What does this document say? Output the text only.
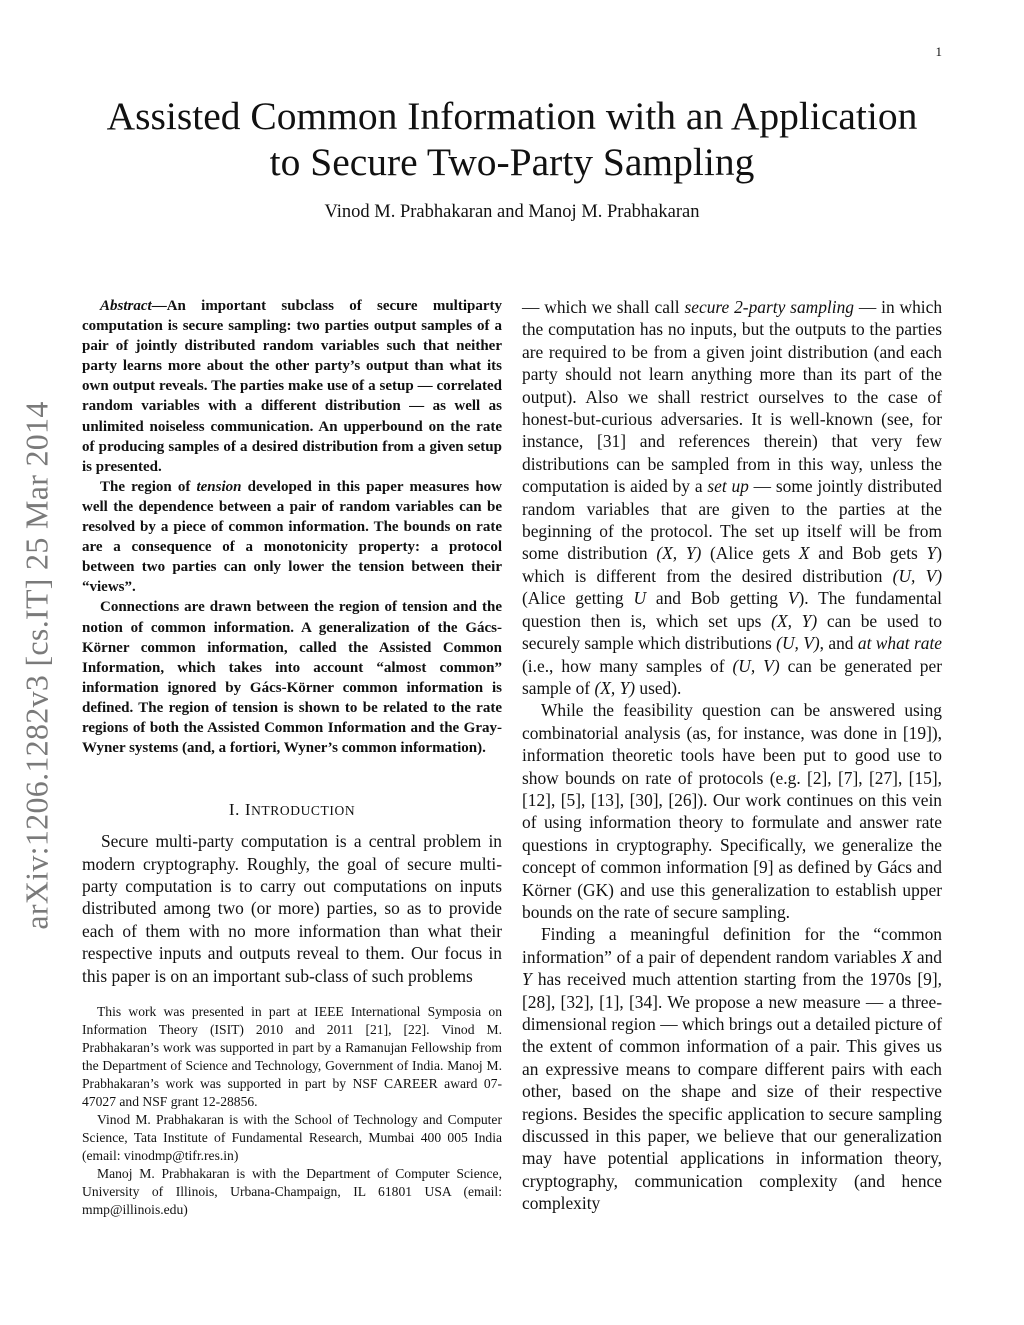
1
arXiv:1206.1282v3 [cs.IT] 25 Mar 2014
Assisted Common Information with an Application
to Secure Two-Party Sampling
Vinod M. Prabhakaran and Manoj M. Prabhakaran

Abstract—An important subclass of secure multiparty computation is secure sampling: two parties output samples of a pair of jointly distributed random variables such that neither party learns more about the other party’s output than what its own output reveals. The parties make use of a setup — correlated random variables with a different distribution — as well as unlimited noiseless communication. An upperbound on the rate of producing samples of a desired distribution from a given setup is presented.

The region of tension developed in this paper measures how well the dependence between a pair of random variables can be resolved by a piece of common information. The bounds on rate are a consequence of a monotonicity property: a protocol between two parties can only lower the tension between their “views”.

Connections are drawn between the region of tension and the notion of common information. A generalization of the Gács-Körner common information, called the Assisted Common Information, which takes into account “almost common” information ignored by Gács-Körner common information is defined. The region of tension is shown to be related to the rate regions of both the Assisted Common Information and the Gray-Wyner systems (and, a fortiori, Wyner’s common information).

I. INTRODUCTION

Secure multi-party computation is a central problem in modern cryptography. Roughly, the goal of secure multi-party computation is to carry out computations on inputs distributed among two (or more) parties, so as to provide each of them with no more information than what their respective inputs and outputs reveal to them. Our focus in this paper is on an important sub-class of such problems

This work was presented in part at IEEE International Symposia on Information Theory (ISIT) 2010 and 2011 [21], [22]. Vinod M. Prabhakaran’s work was supported in part by a Ramanujan Fellowship from the Department of Science and Technology, Government of India. Manoj M. Prabhakaran’s work was supported in part by NSF CAREER award 07-47027 and NSF grant 12-28856.

Vinod M. Prabhakaran is with the School of Technology and Computer Science, Tata Institute of Fundamental Research, Mumbai 400 005 India (email: vinodmp@tifr.res.in)

Manoj M. Prabhakaran is with the Department of Computer Science, University of Illinois, Urbana-Champaign, IL 61801 USA (email: mmp@illinois.edu)

— which we shall call secure 2-party sampling — in which the computation has no inputs, but the outputs to the parties are required to be from a given joint distribution (and each party should not learn anything more than its part of the output). Also we shall restrict ourselves to the case of honest-but-curious adversaries. It is well-known (see, for instance, [31] and references therein) that very few distributions can be sampled from in this way, unless the computation is aided by a set up — some jointly distributed random variables that are given to the parties at the beginning of the protocol. The set up itself will be from some distribution (X, Y) (Alice gets X and Bob gets Y) which is different from the desired distribution (U, V) (Alice getting U and Bob getting V). The fundamental question then is, which set ups (X, Y) can be used to securely sample which distributions (U, V), and at what rate (i.e., how many samples of (U, V) can be generated per sample of (X, Y) used).

While the feasibility question can be answered using combinatorial analysis (as, for instance, was done in [19]), information theoretic tools have been put to good use to show bounds on rate of protocols (e.g. [2], [7], [27], [15], [12], [5], [13], [30], [26]). Our work continues on this vein of using information theory to formulate and answer rate questions in cryptography. Specifically, we generalize the concept of common information [9] as defined by Gács and Körner (GK) and use this generalization to establish upper bounds on the rate of secure sampling.

Finding a meaningful definition for the “common information” of a pair of dependent random variables X and Y has received much attention starting from the 1970s [9], [28], [32], [1], [34]. We propose a new measure — a three-dimensional region — which brings out a detailed picture of the extent of common information of a pair. This gives us an expressive means to compare different pairs with each other, based on the shape and size of their respective regions. Besides the specific application to secure sampling discussed in this paper, we believe that our generalization may have potential applications in information theory, cryptography, communication complexity (and hence complexity
